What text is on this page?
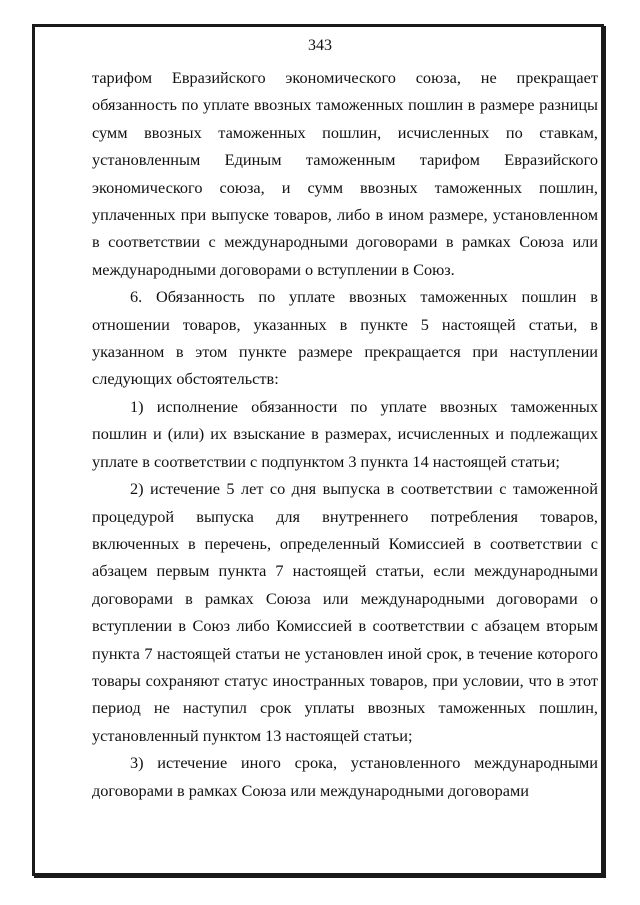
343

тарифом Евразийского экономического союза, не прекращает обязанность по уплате ввозных таможенных пошлин в размере разницы сумм ввозных таможенных пошлин, исчисленных по ставкам, установленным Единым таможенным тарифом Евразийского экономического союза, и сумм ввозных таможенных пошлин, уплаченных при выпуске товаров, либо в ином размере, установленном в соответствии с международными договорами в рамках Союза или международными договорами о вступлении в Союз.

6. Обязанность по уплате ввозных таможенных пошлин в отношении товаров, указанных в пункте 5 настоящей статьи, в указанном в этом пункте размере прекращается при наступлении следующих обстоятельств:

1) исполнение обязанности по уплате ввозных таможенных пошлин и (или) их взыскание в размерах, исчисленных и подлежащих уплате в соответствии с подпунктом 3 пункта 14 настоящей статьи;

2) истечение 5 лет со дня выпуска в соответствии с таможенной процедурой выпуска для внутреннего потребления товаров, включенных в перечень, определенный Комиссией в соответствии с абзацем первым пункта 7 настоящей статьи, если международными договорами в рамках Союза или международными договорами о вступлении в Союз либо Комиссией в соответствии с абзацем вторым пункта 7 настоящей статьи не установлен иной срок, в течение которого товары сохраняют статус иностранных товаров, при условии, что в этот период не наступил срок уплаты ввозных таможенных пошлин, установленный пунктом 13 настоящей статьи;

3) истечение иного срока, установленного международными договорами в рамках Союза или международными договорами
